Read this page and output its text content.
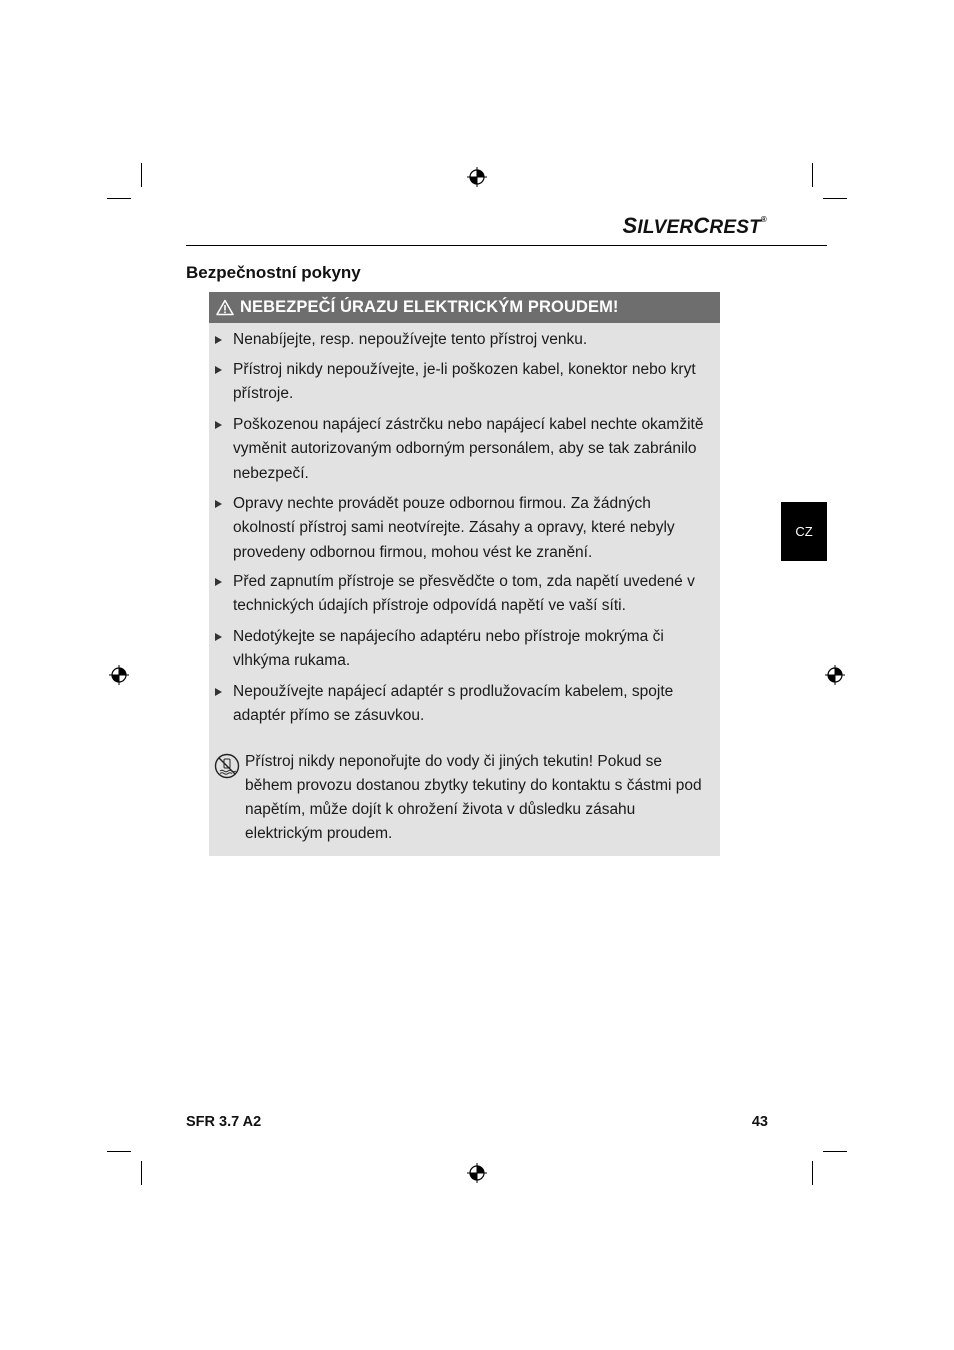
SILVERCREST®
Bezpečnostní pokyny
CZ
NEBEZPEČÍ ÚRAZU ELEKTRICKÝM PROUDEM!
Nenabíjejte, resp. nepoužívejte tento přístroj venku.
Přístroj nikdy nepoužívejte, je-li poškozen kabel, konektor nebo kryt přístroje.
Poškozenou napájecí zástrčku nebo napájecí kabel nechte okamžitě vyměnit autorizovaným odborným personálem, aby se tak zabránilo nebezpečí.
Opravy nechte provádět pouze odbornou firmou. Za žádných okolností přístroj sami neotvírejte. Zásahy a opravy, které nebyly provedeny odbornou firmou, mohou vést ke zranění.
Před zapnutím přístroje se přesvědčte o tom, zda napětí uvedené v technických údajích přístroje odpovídá napětí ve vaší síti.
Nedotýkejte se napájecího adaptéru nebo přístroje mokrýma či vlhkýma rukama.
Nepoužívejte napájecí adaptér s prodlužovacím kabelem, spojte adaptér přímo se zásuvkou.
Přístroj nikdy neponořujte do vody či jiných tekutin! Pokud se během provozu dostanou zbytky tekutiny do kontaktu s částmi pod napětím, může dojít k ohrožení života v důsledku zásahu elektrickým proudem.
SFR 3.7 A2	43
